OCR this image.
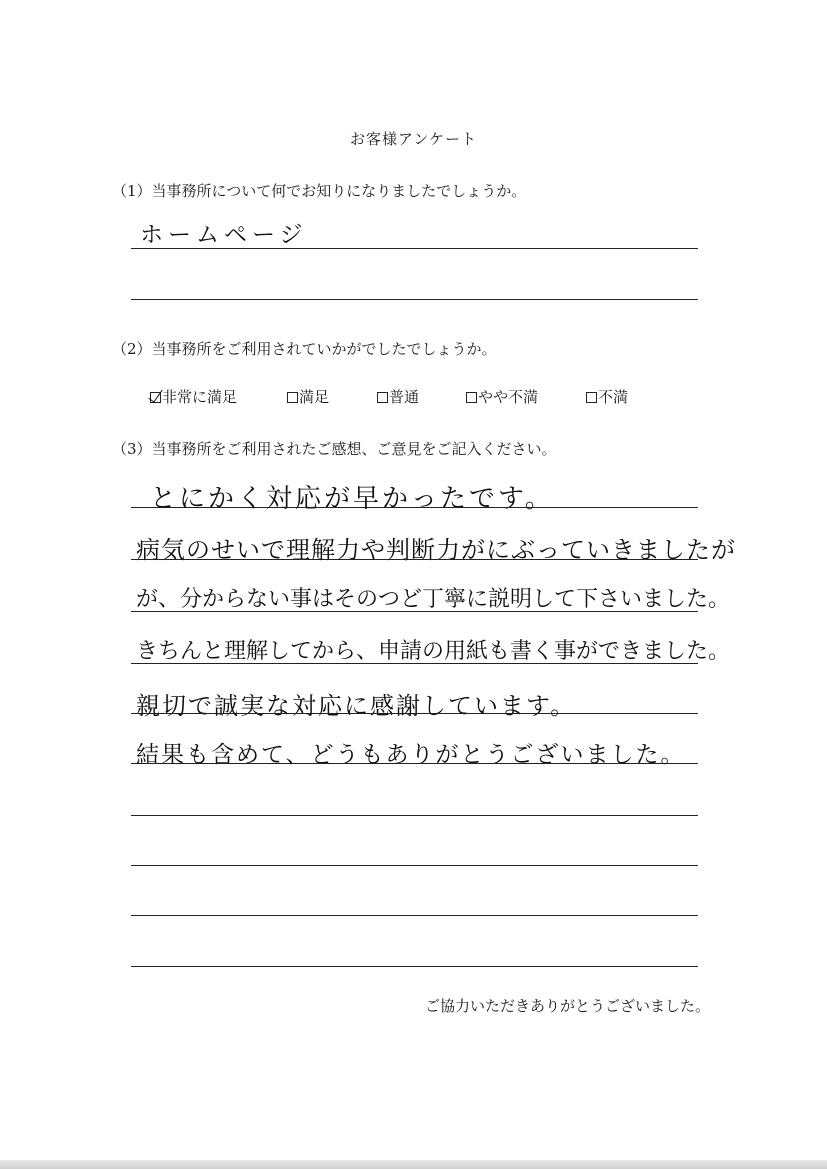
お客様アンケート
（1）当事務所について何でお知りになりましたでしょうか。
ホームページ
（2）当事務所をご利用されていかがでしたでしょうか。
非常に満足	満足	普通	やや不満	不満
（3）当事務所をご利用されたご感想、ご意見をご記入ください。
とにかく対応が早かったです。
病気のせいで理解力や判断力がにぶっていきましたが
が、分からない事はそのつど丁寧に説明して下さいました。
きちんと理解してから、申請の用紙も書く事ができました。
親切で誠実な対応に感謝しています。
結果も含めて、どうもありがとうございました。
ご協力いただきありがとうございました。
